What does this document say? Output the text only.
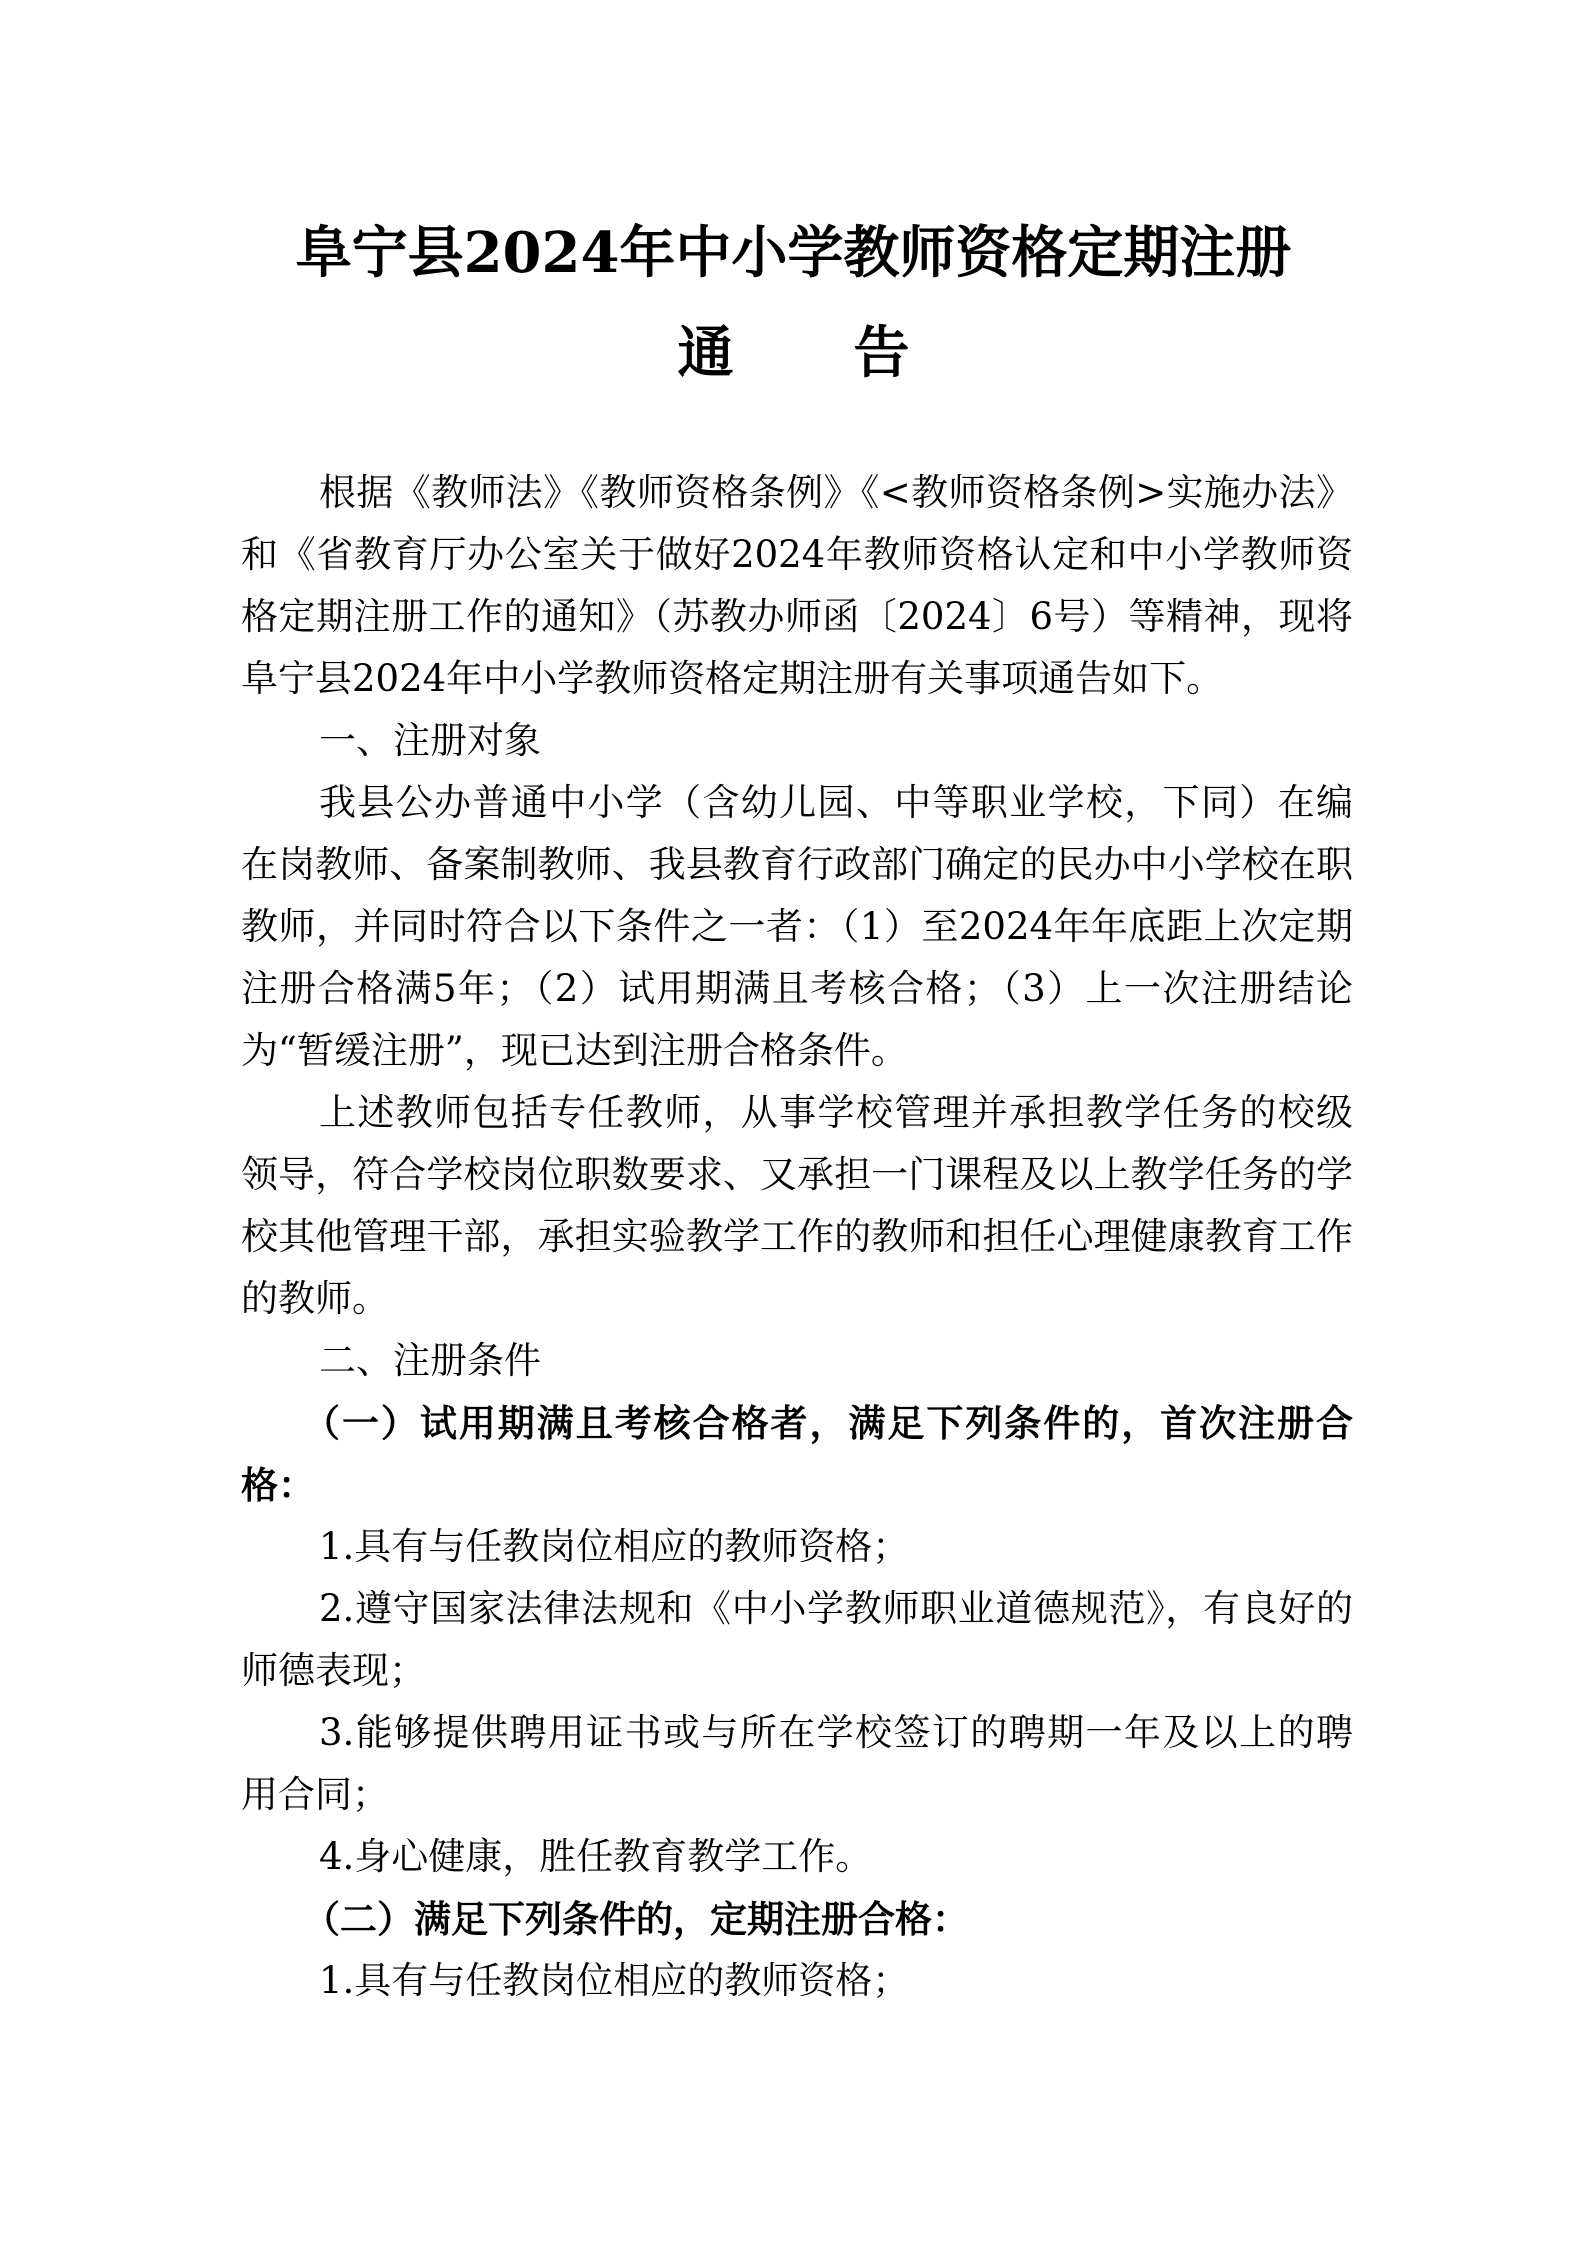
阜宁县2024年中小学教师资格定期注册
通告

根据《教师法》《教师资格条例》《<教师资格条例>实施办法》和《省教育厅办公室关于做好2024年教师资格认定和中小学教师资格定期注册工作的通知》（苏教办师函〔2024〕6号）等精神，现将阜宁县2024年中小学教师资格定期注册有关事项通告如下。

一、注册对象

我县公办普通中小学（含幼儿园、中等职业学校，下同）在编在岗教师、备案制教师、我县教育行政部门确定的民办中小学校在职教师，并同时符合以下条件之一者：（1）至2024年年底距上次定期注册合格满5年；（2）试用期满且考核合格；（3）上一次注册结论为“暂缓注册”，现已达到注册合格条件。

上述教师包括专任教师，从事学校管理并承担教学任务的校级领导，符合学校岗位职数要求、又承担一门课程及以上教学任务的学校其他管理干部，承担实验教学工作的教师和担任心理健康教育工作的教师。

二、注册条件

（一）试用期满且考核合格者，满足下列条件的，首次注册合格：

1.具有与任教岗位相应的教师资格；

2.遵守国家法律法规和《中小学教师职业道德规范》，有良好的师德表现；

3.能够提供聘用证书或与所在学校签订的聘期一年及以上的聘用合同；

4.身心健康，胜任教育教学工作。

（二）满足下列条件的，定期注册合格：

1.具有与任教岗位相应的教师资格；
